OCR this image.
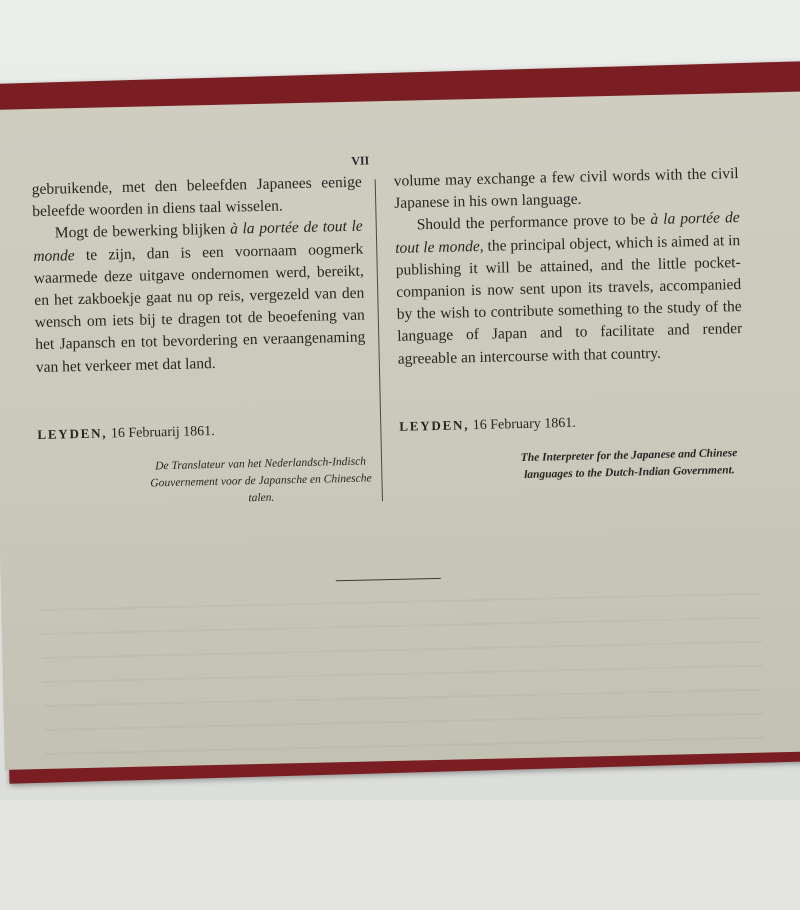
VII

gebruikende, met den beleefden Japanees eenige beleefde woorden in diens taal wisselen.

Mogt de bewerking blijken à la portée de tout le monde te zijn, dan is een voornaam oogmerk waarmede deze uitgave ondernomen werd, bereikt, en het zakboekje gaat nu op reis, vergezeld van den wensch om iets bij te dragen tot de beoefening van het Japansch en tot bevordering en veraangenaming van het verkeer met dat land.

volume may exchange a few civil words with the civil Japanese in his own language.

Should the performance prove to be à la portée de tout le monde, the principal object, which is aimed at in publishing it will be attained, and the little pocket-companion is now sent upon its travels, accompanied by the wish to contribute something to the study of the language of Japan and to facilitate and render agreeable an intercourse with that country.

LEYDEN, 16 Februarij 1861.	LEYDEN, 16 February 1861.
De Translateur van het Nederlandsch-Indisch Gouvernement voor de Japansche en Chinesche talen.
The Interpreter for the Japanese and Chinese languages to the Dutch-Indian Government.
